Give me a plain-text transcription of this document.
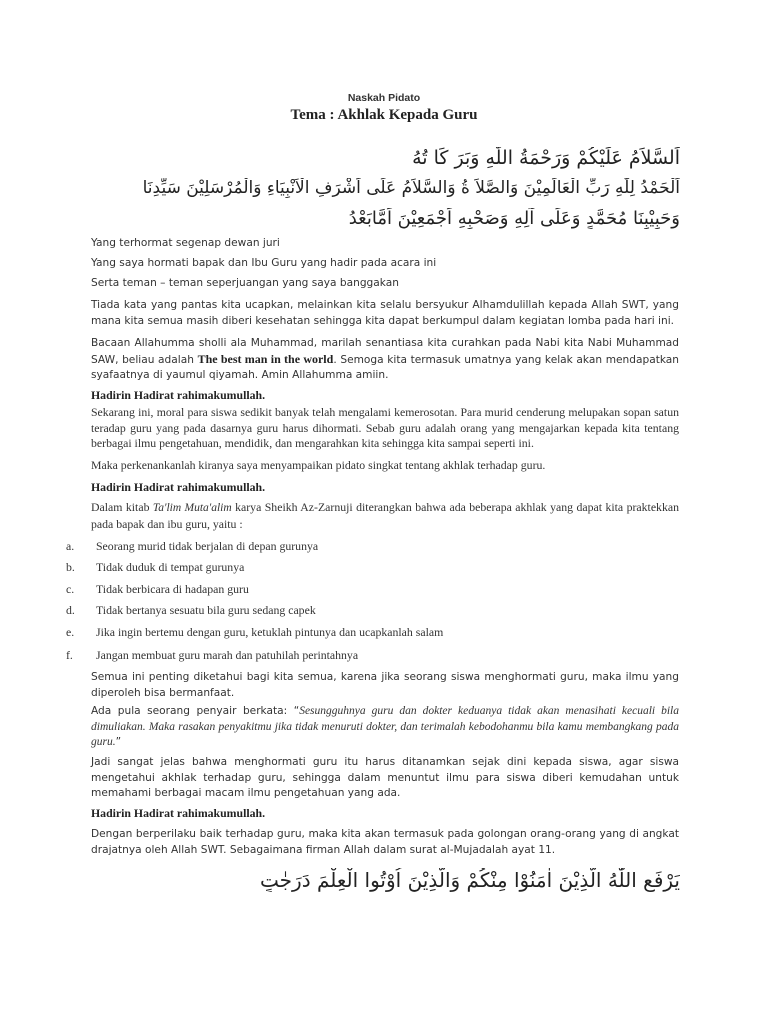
Naskah Pidato
Tema : Akhlak Kepada Guru
اَلسَّلاَمُ عَلَيْكُمْ وَرَحْمَةُ اللّٰهِ وَبَرَ كَا تُهُ
اَلْحَمْدُ لِلّٰهِ رَبِّ الْعَالَمِيْنَ وَالصَّلاَ ةُ وَالسَّلاَمُ عَلَى اَشْرَفِ الْاَنْبِيَاءِ وَالْمُرْسَلِيْنَ سَيِّدِنَا
وَحَبِيْبِنَا مُحَمَّدٍ وَعَلَى آلِهِ وَصَحْبِهِ اَجْمَعِيْنَ اَمَّابَعْدُ
Yang terhormat segenap dewan juri
Yang saya hormati bapak dan Ibu Guru yang hadir pada acara ini
Serta teman – teman seperjuangan yang saya banggakan
Tiada kata yang pantas kita ucapkan, melainkan kita selalu bersyukur Alhamdulillah kepada Allah SWT, yang mana kita semua masih diberi kesehatan sehingga kita dapat berkumpul dalam kegiatan lomba pada hari ini.
Bacaan Allahumma sholli ala Muhammad, marilah senantiasa kita curahkan pada Nabi kita Nabi Muhammad SAW, beliau adalah The best man in the world. Semoga kita termasuk umatnya yang kelak akan mendapatkan syafaatnya di yaumul qiyamah. Amin Allahumma amiin.
Hadirin Hadirat rahimakumullah.
Sekarang ini, moral para siswa sedikit banyak telah mengalami kemerosotan. Para murid cenderung melupakan sopan satun teradap guru yang pada dasarnya guru harus dihormati. Sebab guru adalah orang yang mengajarkan kepada kita tentang berbagai ilmu pengetahuan, mendidik, dan mengarahkan kita sehingga kita sampai seperti ini.
Maka perkenankanlah kiranya saya menyampaikan pidato singkat tentang akhlak terhadap guru.
Hadirin Hadirat rahimakumullah.
Dalam kitab Ta'lim Muta'alim karya Sheikh Az-Zarnuji diterangkan bahwa ada beberapa akhlak yang dapat kita praktekkan pada bapak dan ibu guru, yaitu :
a. Seorang murid tidak berjalan di depan gurunya
b. Tidak duduk di tempat gurunya
c. Tidak berbicara di hadapan guru
d. Tidak bertanya sesuatu bila guru sedang capek
e. Jika ingin bertemu dengan guru, ketuklah pintunya dan ucapkanlah salam
f. Jangan membuat guru marah dan patuhilah perintahnya
Semua ini penting diketahui bagi kita semua, karena jika seorang siswa menghormati guru, maka ilmu yang diperoleh bisa bermanfaat.
Ada pula seorang penyair berkata: “Sesungguhnya guru dan dokter keduanya tidak akan menasihati kecuali bila dimuliakan. Maka rasakan penyakitmu jika tidak menuruti dokter, dan terimalah kebodohanmu bila kamu membangkang pada guru.”
Jadi sangat jelas bahwa menghormati guru itu harus ditanamkan sejak dini kepada siswa, agar siswa mengetahui akhlak terhadap guru, sehingga dalam menuntut ilmu para siswa diberi kemudahan untuk memahami berbagai macam ilmu pengetahuan yang ada.
Hadirin Hadirat rahimakumullah.
Dengan berperilaku baik terhadap guru, maka kita akan termasuk pada golongan orang-orang yang di angkat drajatnya oleh Allah SWT. Sebagaimana firman Allah dalam surat al-Mujadalah ayat 11.
يَرْفَعِ اللّٰهُ الَّذِيْنَ اٰمَنُوْا مِنْكُمْ وَالَّذِيْنَ اُوْتُوا الْعِلْمَ دَرَجٰتٍ
